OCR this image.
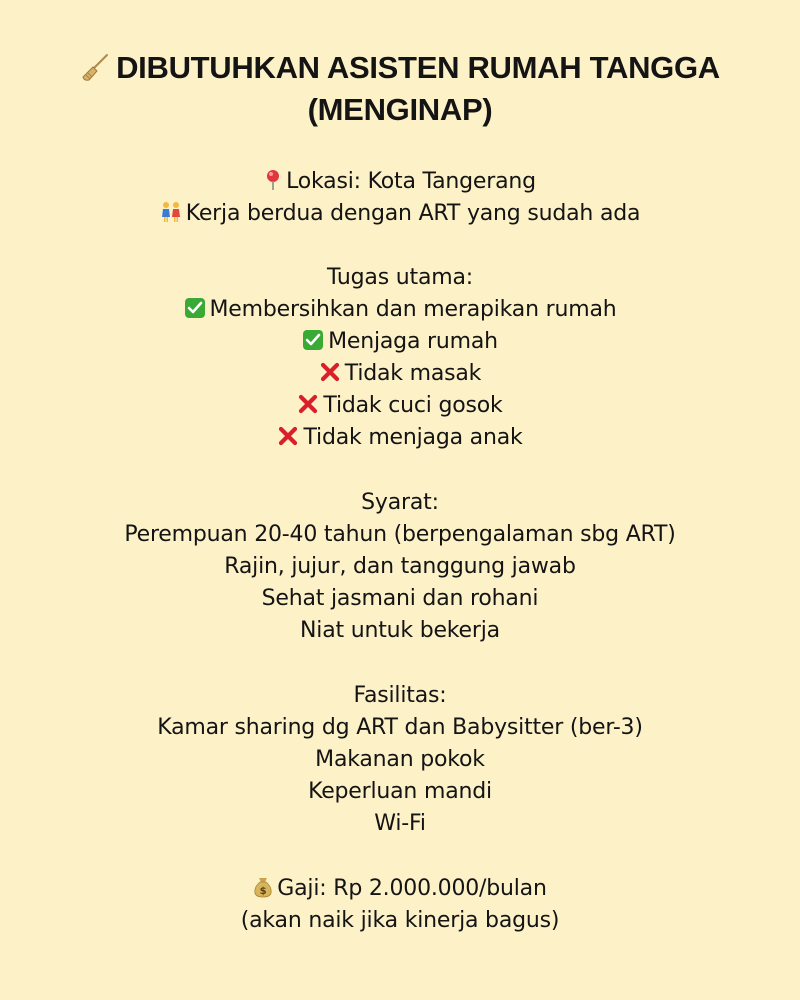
DIBUTUHKAN ASISTEN RUMAH TANGGA
(MENGINAP)
Lokasi: Kota Tangerang
Kerja berdua dengan ART yang sudah ada
Tugas utama:
Membersihkan dan merapikan rumah
Menjaga rumah
Tidak masak
Tidak cuci gosok
Tidak menjaga anak
Syarat:
Perempuan 20-40 tahun (berpengalaman sbg ART)
Rajin, jujur, dan tanggung jawab
Sehat jasmani dan rohani
Niat untuk bekerja
Fasilitas:
Kamar sharing dg ART dan Babysitter (ber-3)
Makanan pokok
Keperluan mandi
Wi-Fi
$ Gaji: Rp 2.000.000/bulan
(akan naik jika kinerja bagus)
